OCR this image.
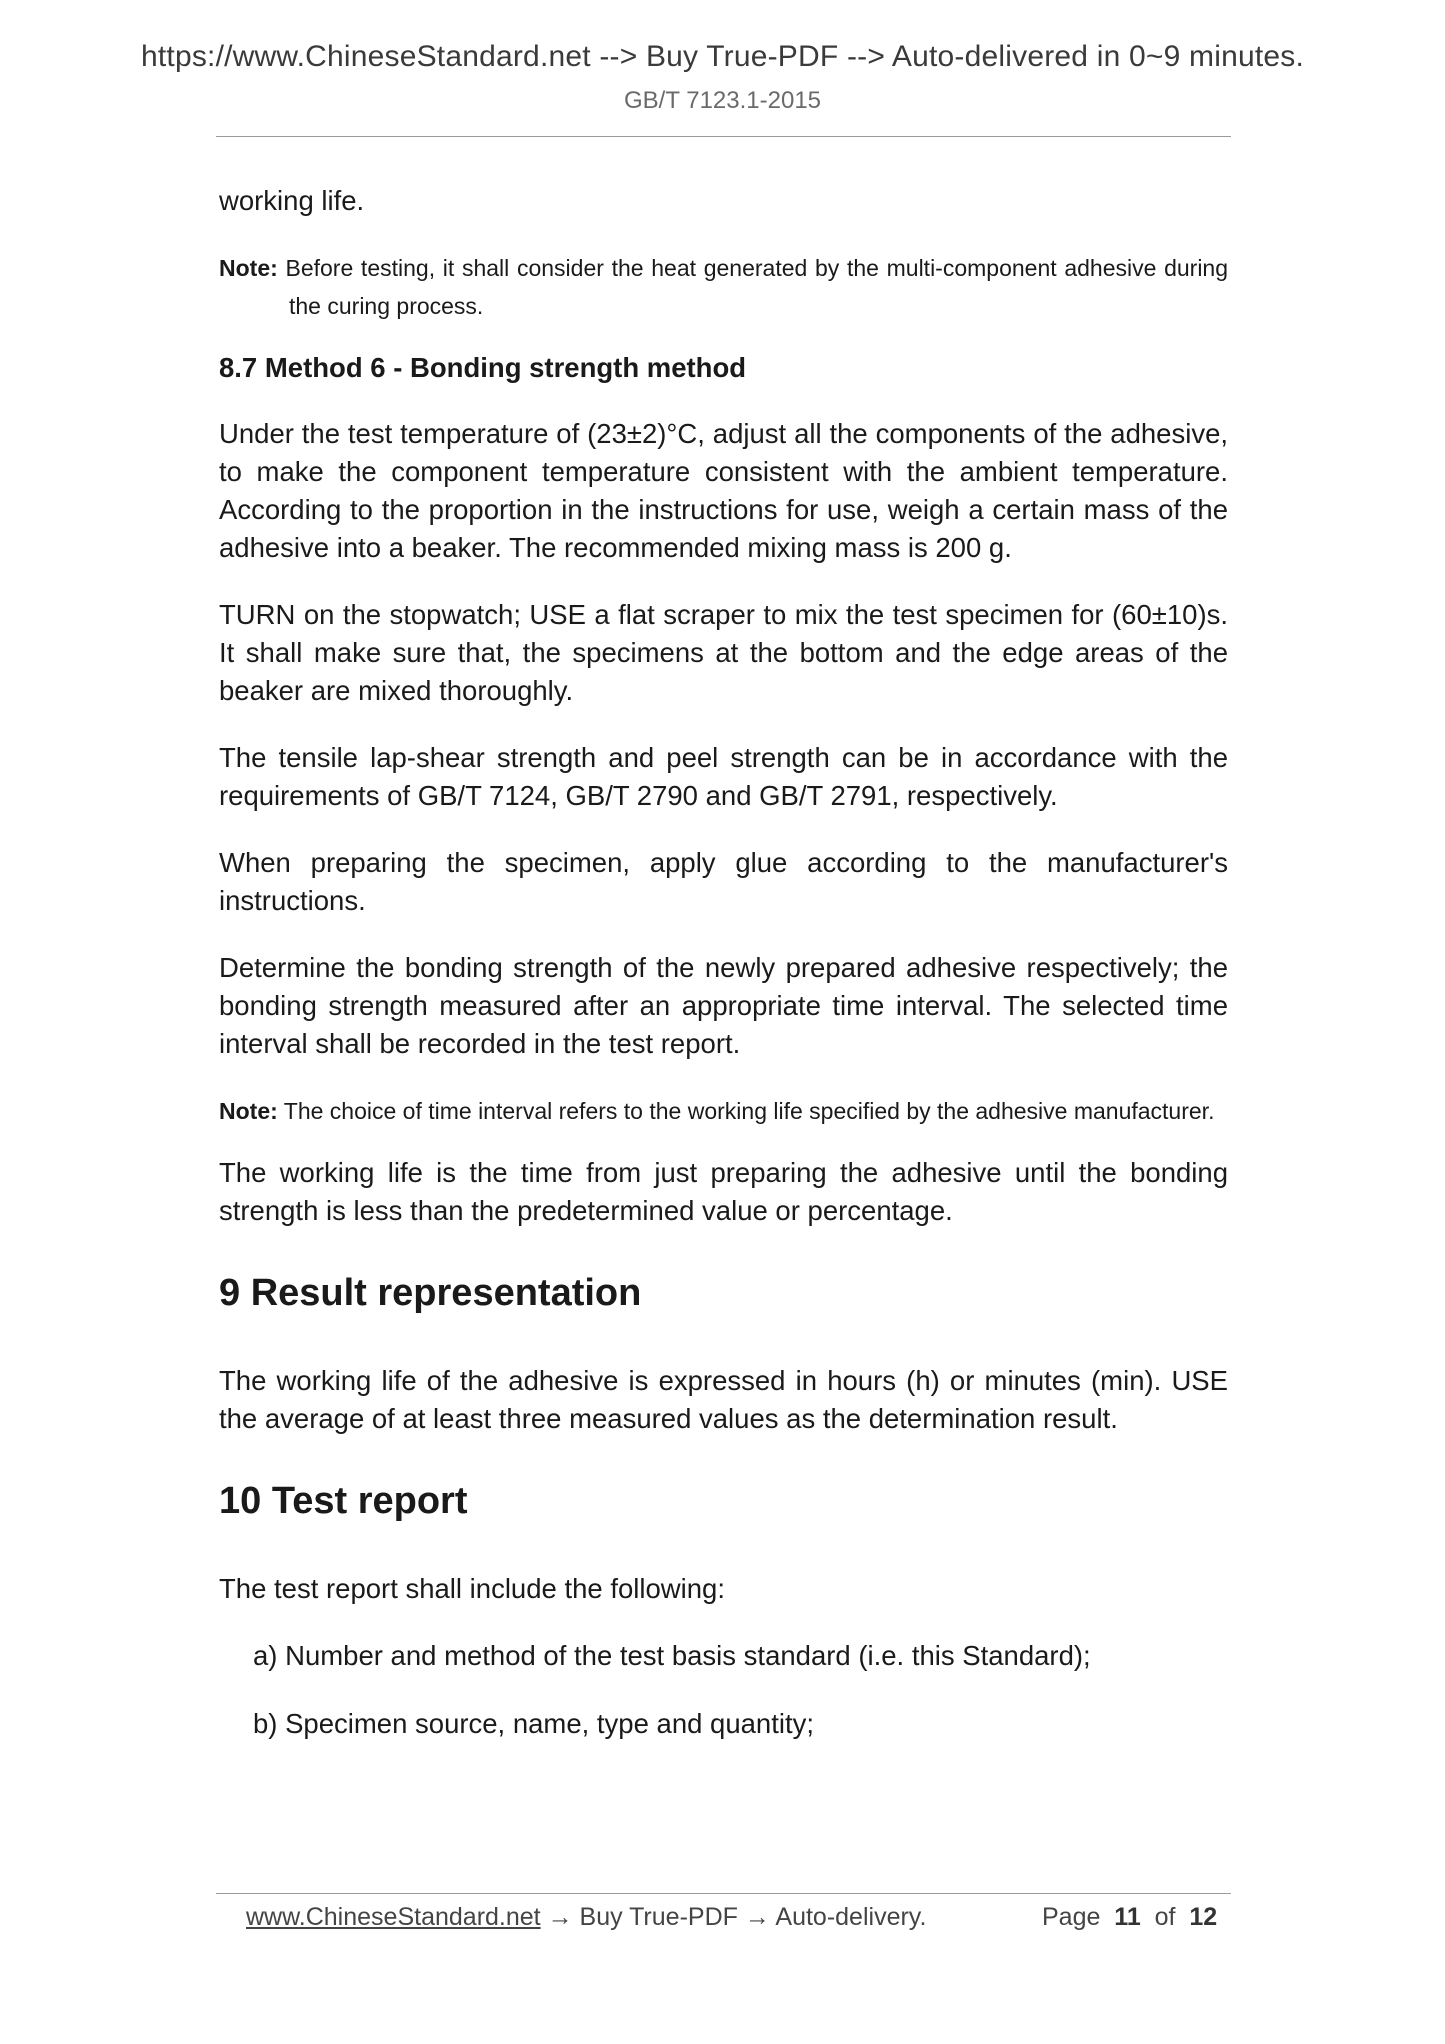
https://www.ChineseStandard.net --> Buy True-PDF --> Auto-delivered in 0~9 minutes.
GB/T 7123.1-2015

working life.

Note: Before testing, it shall consider the heat generated by the multi-component adhesive during the curing process.

8.7 Method 6 - Bonding strength method

Under the test temperature of (23±2)°C, adjust all the components of the adhesive, to make the component temperature consistent with the ambient temperature. According to the proportion in the instructions for use, weigh a certain mass of the adhesive into a beaker. The recommended mixing mass is 200 g.

TURN on the stopwatch; USE a flat scraper to mix the test specimen for (60±10)s. It shall make sure that, the specimens at the bottom and the edge areas of the beaker are mixed thoroughly.

The tensile lap-shear strength and peel strength can be in accordance with the requirements of GB/T 7124, GB/T 2790 and GB/T 2791, respectively.

When preparing the specimen, apply glue according to the manufacturer's instructions.

Determine the bonding strength of the newly prepared adhesive respectively; the bonding strength measured after an appropriate time interval. The selected time interval shall be recorded in the test report.

Note: The choice of time interval refers to the working life specified by the adhesive manufacturer.

The working life is the time from just preparing the adhesive until the bonding strength is less than the predetermined value or percentage.

9 Result representation

The working life of the adhesive is expressed in hours (h) or minutes (min). USE the average of at least three measured values as the determination result.

10 Test report

The test report shall include the following:

a) Number and method of the test basis standard (i.e. this Standard);

b) Specimen source, name, type and quantity;

www.ChineseStandard.net → Buy True-PDF → Auto-delivery.	Page 11 of 12
